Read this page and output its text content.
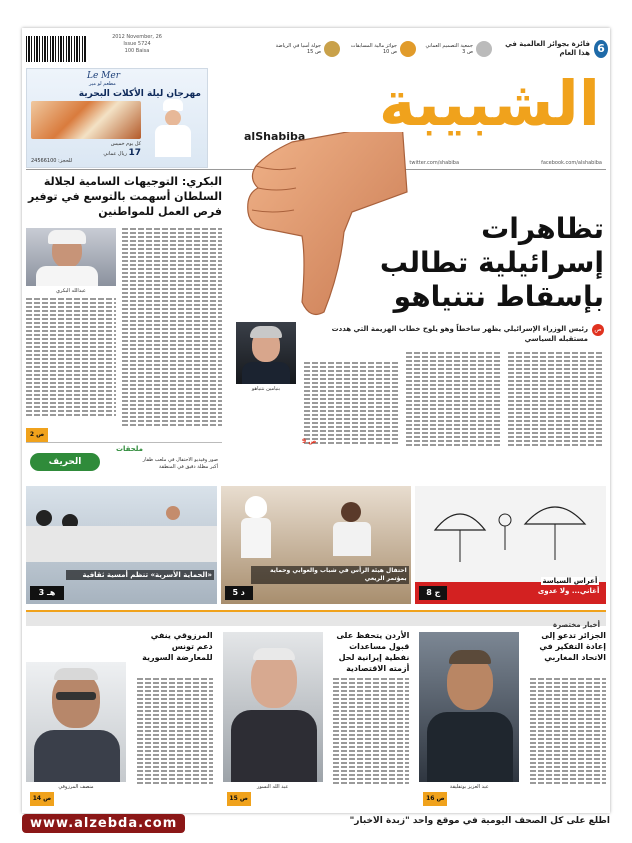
2012 November, 26
Issue 5724
100 Baisa	6
فائزة بجوائز العالمية في هذا العام
جمعية التصميم العماني
ص 3
جوائز مالية المسابقات
ص 10
جولة أسيا في الرياضة
ص 15
Le Mer
مطعم لو مير
مهرجان ليلة الأكلات البحرية
كل يوم خميس
17 ريال عماني
للحجز: 24566100
الشبيبة
alShabiba
twitter.com/shabiba	facebook.com/alshabiba
البكري: التوجيهات السامية لجلالة السلطان أسهمت بالتوسع في توفير فرص العمل للمواطنين
عبدالله البكري
ص 2
تظاهرات
إسرائيلية تطالب
بإسقاط نتنياهو
بنيامين نتنياهو
ص
رئيس الوزراء الإسرائيلي يظهر ساخطاً وهو يلوح خطاب الهزيمة التي هددت مستقبله السياسي
ص 9
ملحقات
الحريف	صور وفيديو الاحتفال في ملعب ظفار
أكبر مظلة دقيق في المنطقة
«الحماية الأسرية» تنظم أمسية ثقافية
هـ 3
احتفال هيئة الرأس في شباب والعوابي وحماية بمؤتمر الريعي
د 5
أعراس السياسة
أغاني... ولا عدوى
ج 8
أخبار مختصرة
الجزائر تدعو إلى إعادة التفكير في الاتحاد المغاربي
عبد العزيز بوتفليقة
ص 16
الأردن يتحفظ على قبول مساعدات نفطية إيرانية لحل أزمته الاقتصادية
عبد الله النسور
ص 15
المرزوقي ينفي دعم تونس للمعارضة السورية
منصف المرزوقي
ص 14
www.alzebda.com	اطلع على كل الصحف اليومية في موقع واحد "زبدة الأخبار"
